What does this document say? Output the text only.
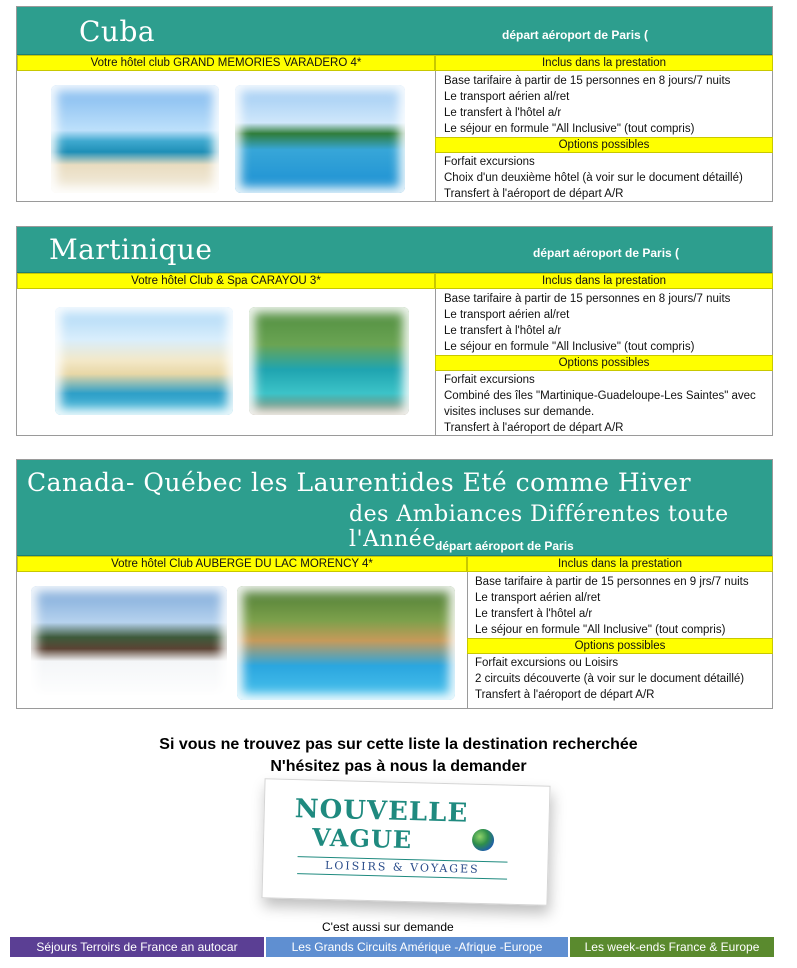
Cuba	départ aéroport de Paris (
Votre hôtel club GRAND MEMORIES VARADERO 4*	Inclus dans la prestation
Base tarifaire à partir de 15 personnes en 8 jours/7 nuits
Le transport aérien al/ret
Le transfert à l'hôtel a/r
Le séjour en formule "All Inclusive" (tout compris)
Options possibles
Forfait excursions
Choix d'un deuxième hôtel (à voir sur le document détaillé)
Transfert à l'aéroport de départ A/R
Martinique	départ aéroport de Paris (
Votre hôtel Club & Spa CARAYOU 3*	Inclus dans la prestation
Base tarifaire à partir de 15 personnes en 8 jours/7 nuits
Le transport aérien al/ret
Le transfert à l'hôtel a/r
Le séjour en formule "All Inclusive" (tout compris)
Options possibles
Forfait excursions
Combiné des îles "Martinique-Guadeloupe-Les Saintes" avec
visites incluses sur demande.
Transfert à l'aéroport de départ A/R
Canada- Québec les Laurentides Eté comme Hiver
des Ambiances Différentes toute l'Année départ aéroport de Paris
Votre hôtel Club AUBERGE DU LAC MORENCY 4*	Inclus dans la prestation
Base tarifaire à partir de 15 personnes en 9 jrs/7 nuits
Le transport aérien al/ret
Le transfert à l'hôtel a/r
Le séjour en formule "All Inclusive" (tout compris)
Options possibles
Forfait excursions ou Loisirs
2 circuits découverte (à voir sur le document détaillé)
Transfert à l'aéroport de départ A/R
Si vous ne trouvez pas sur cette liste la destination recherchée
N'hésitez pas à nous la demander
NOUVELLE
VAGUE
LOISIRS & VOYAGES
C'est aussi sur demande
Séjours Terroirs de France an autocar	Les Grands Circuits Amérique -Afrique -Europe	Les week-ends France & Europe
